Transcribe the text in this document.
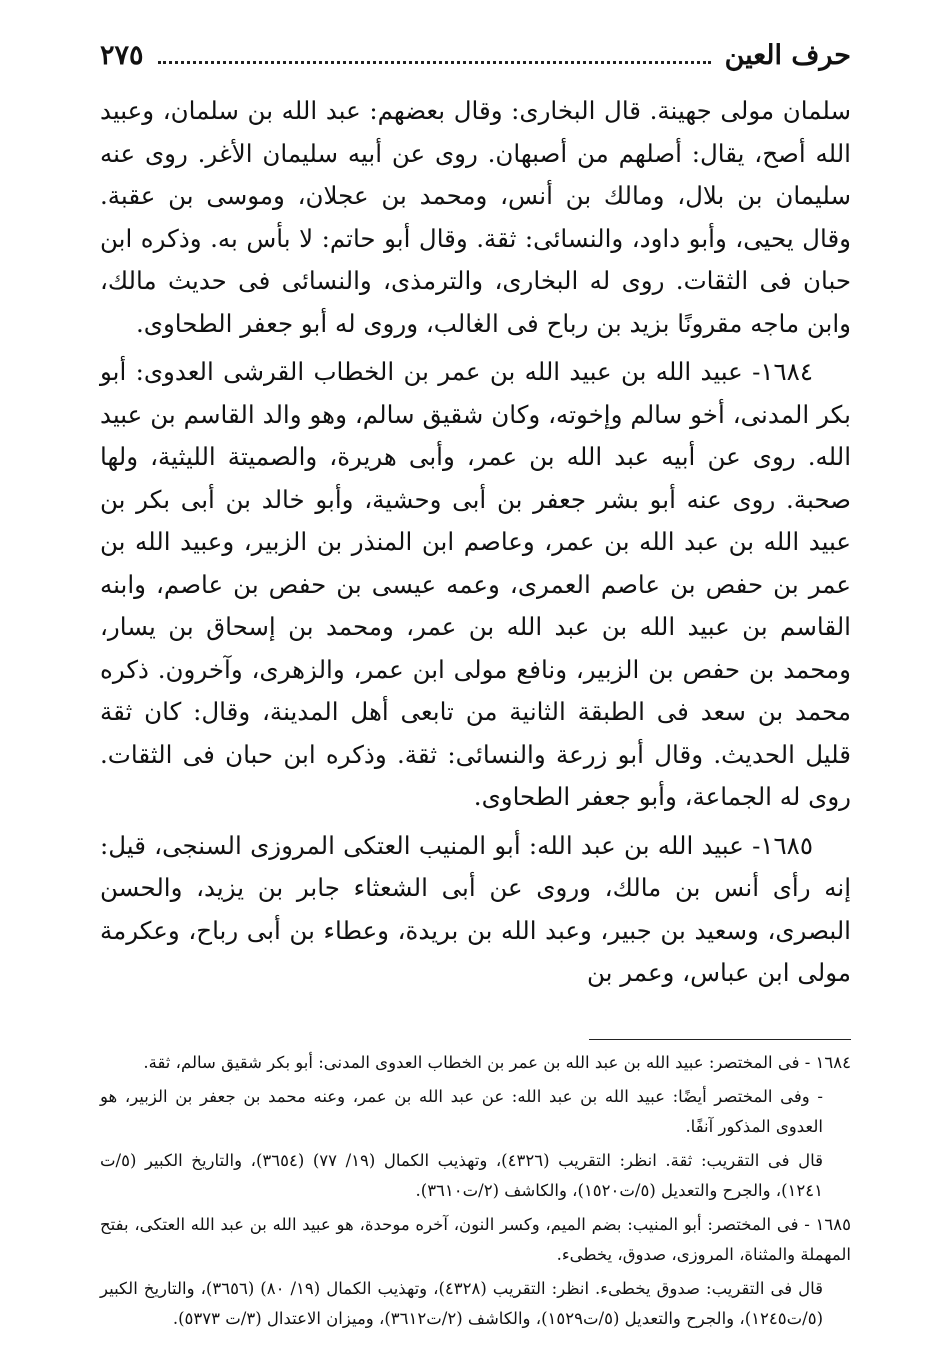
حرف العين
٢٧٥

سلمان مولى جهينة. قال البخارى: وقال بعضهم: عبد الله بن سلمان، وعبيد الله أصح، يقال: أصلهم من أصبهان. روى عن أبيه سليمان الأغر. روى عنه سليمان بن بلال، ومالك بن أنس، ومحمد بن عجلان، وموسى بن عقبة. وقال يحيى، وأبو داود، والنسائى: ثقة. وقال أبو حاتم: لا بأس به. وذكره ابن حبان فى الثقات. روى له البخارى، والترمذى، والنسائى فى حديث مالك، وابن ماجه مقرونًا بزيد بن رباح فى الغالب، وروى له أبو جعفر الطحاوى.

١٦٨٤- عبيد الله بن عبيد الله بن عمر بن الخطاب القرشى العدوى: أبو بكر المدنى، أخو سالم وإخوته، وكان شقيق سالم، وهو والد القاسم بن عبيد الله. روى عن أبيه عبد الله بن عمر، وأبى هريرة، والصميتة الليثية، ولها صحبة. روى عنه أبو بشر جعفر بن أبى وحشية، وأبو خالد بن أبى بكر بن عبيد الله بن عبد الله بن عمر، وعاصم ابن المنذر بن الزبير، وعبيد الله بن عمر بن حفص بن عاصم العمرى، وعمه عيسى بن حفص بن عاصم، وابنه القاسم بن عبيد الله بن عبد الله بن عمر، ومحمد بن إسحاق بن يسار، ومحمد بن حفص بن الزبير، ونافع مولى ابن عمر، والزهرى، وآخرون. ذكره محمد بن سعد فى الطبقة الثانية من تابعى أهل المدينة، وقال: كان ثقة قليل الحديث. وقال أبو زرعة والنسائى: ثقة. وذكره ابن حبان فى الثقات. روى له الجماعة، وأبو جعفر الطحاوى.

١٦٨٥- عبيد الله بن عبد الله: أبو المنيب العتكى المروزى السنجى، قيل: إنه رأى أنس بن مالك، وروى عن أبى الشعثاء جابر بن يزيد، والحسن البصرى، وسعيد بن جبير، وعبد الله بن بريدة، وعطاء بن أبى رباح، وعكرمة مولى ابن عباس، وعمر بن

١٦٨٤ - فى المختصر: عبيد الله بن عبد الله بن عمر بن الخطاب العدوى المدنى: أبو بكر شقيق سالم، ثقة.

- وفى المختصر أيضًا: عبيد الله بن عبد الله: عن عبد الله بن عمر، وعنه محمد بن جعفر بن الزبير، هو العدوى المذكور آنفًا.

قال فى التقريب: ثقة. انظر: التقريب (٤٣٢٦)، وتهذيب الكمال (١٩/ ٧٧) (٣٦٥٤)، والتاريخ الكبير (٥/ت ١٢٤١)، والجرح والتعديل (٥/ت١٥٢٠)، والكاشف (٢/ت٣٦١٠).

١٦٨٥ - فى المختصر: أبو المنيب: بضم الميم، وكسر النون، آخره موحدة، هو عبيد الله بن عبد الله العتكى، بفتح المهملة والمثناة، المروزى، صدوق، يخطىء.

قال فى التقريب: صدوق يخطىء. انظر: التقريب (٤٣٢٨)، وتهذيب الكمال (١٩/ ٨٠) (٣٦٥٦)، والتاريخ الكبير (٥/ت١٢٤٥)، والجرح والتعديل (٥/ت١٥٢٩)، والكاشف (٢/ت٣٦١٢)، وميزان الاعتدال (٣/ت ٥٣٧٣).
